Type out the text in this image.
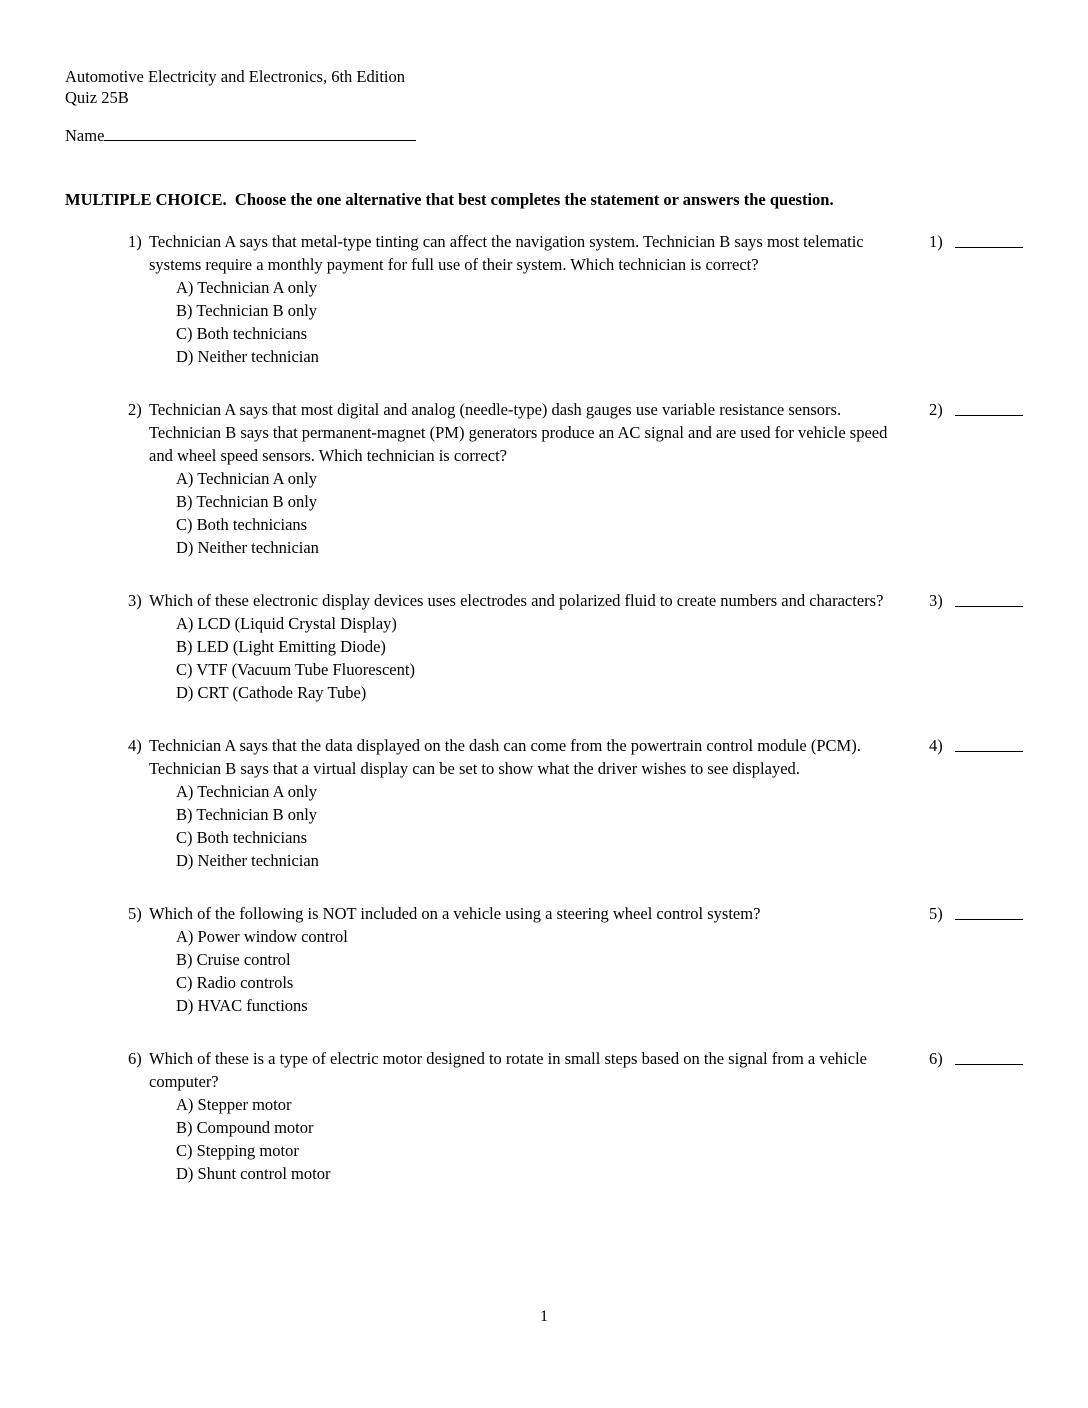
Automotive Electricity and Electronics, 6th Edition
Quiz 25B
Name
MULTIPLE CHOICE.  Choose the one alternative that best completes the statement or answers the question.
1) Technician A says that metal-type tinting can affect the navigation system. Technician B says most telematic systems require a monthly payment for full use of their system. Which technician is correct?
A) Technician A only
B) Technician B only
C) Both technicians
D) Neither technician
1)
2) Technician A says that most digital and analog (needle-type) dash gauges use variable resistance sensors. Technician B says that permanent-magnet (PM) generators produce an AC signal and are used for vehicle speed and wheel speed sensors. Which technician is correct?
A) Technician A only
B) Technician B only
C) Both technicians
D) Neither technician
2)
3) Which of these electronic display devices uses electrodes and polarized fluid to create numbers and characters?
A) LCD (Liquid Crystal Display)
B) LED (Light Emitting Diode)
C) VTF (Vacuum Tube Fluorescent)
D) CRT (Cathode Ray Tube)
3)
4) Technician A says that the data displayed on the dash can come from the powertrain control module (PCM). Technician B says that a virtual display can be set to show what the driver wishes to see displayed.
A) Technician A only
B) Technician B only
C) Both technicians
D) Neither technician
4)
5) Which of the following is NOT included on a vehicle using a steering wheel control system?
A) Power window control
B) Cruise control
C) Radio controls
D) HVAC functions
5)
6) Which of these is a type of electric motor designed to rotate in small steps based on the signal from a vehicle computer?
A) Stepper motor
B) Compound motor
C) Stepping motor
D) Shunt control motor
6)
1
